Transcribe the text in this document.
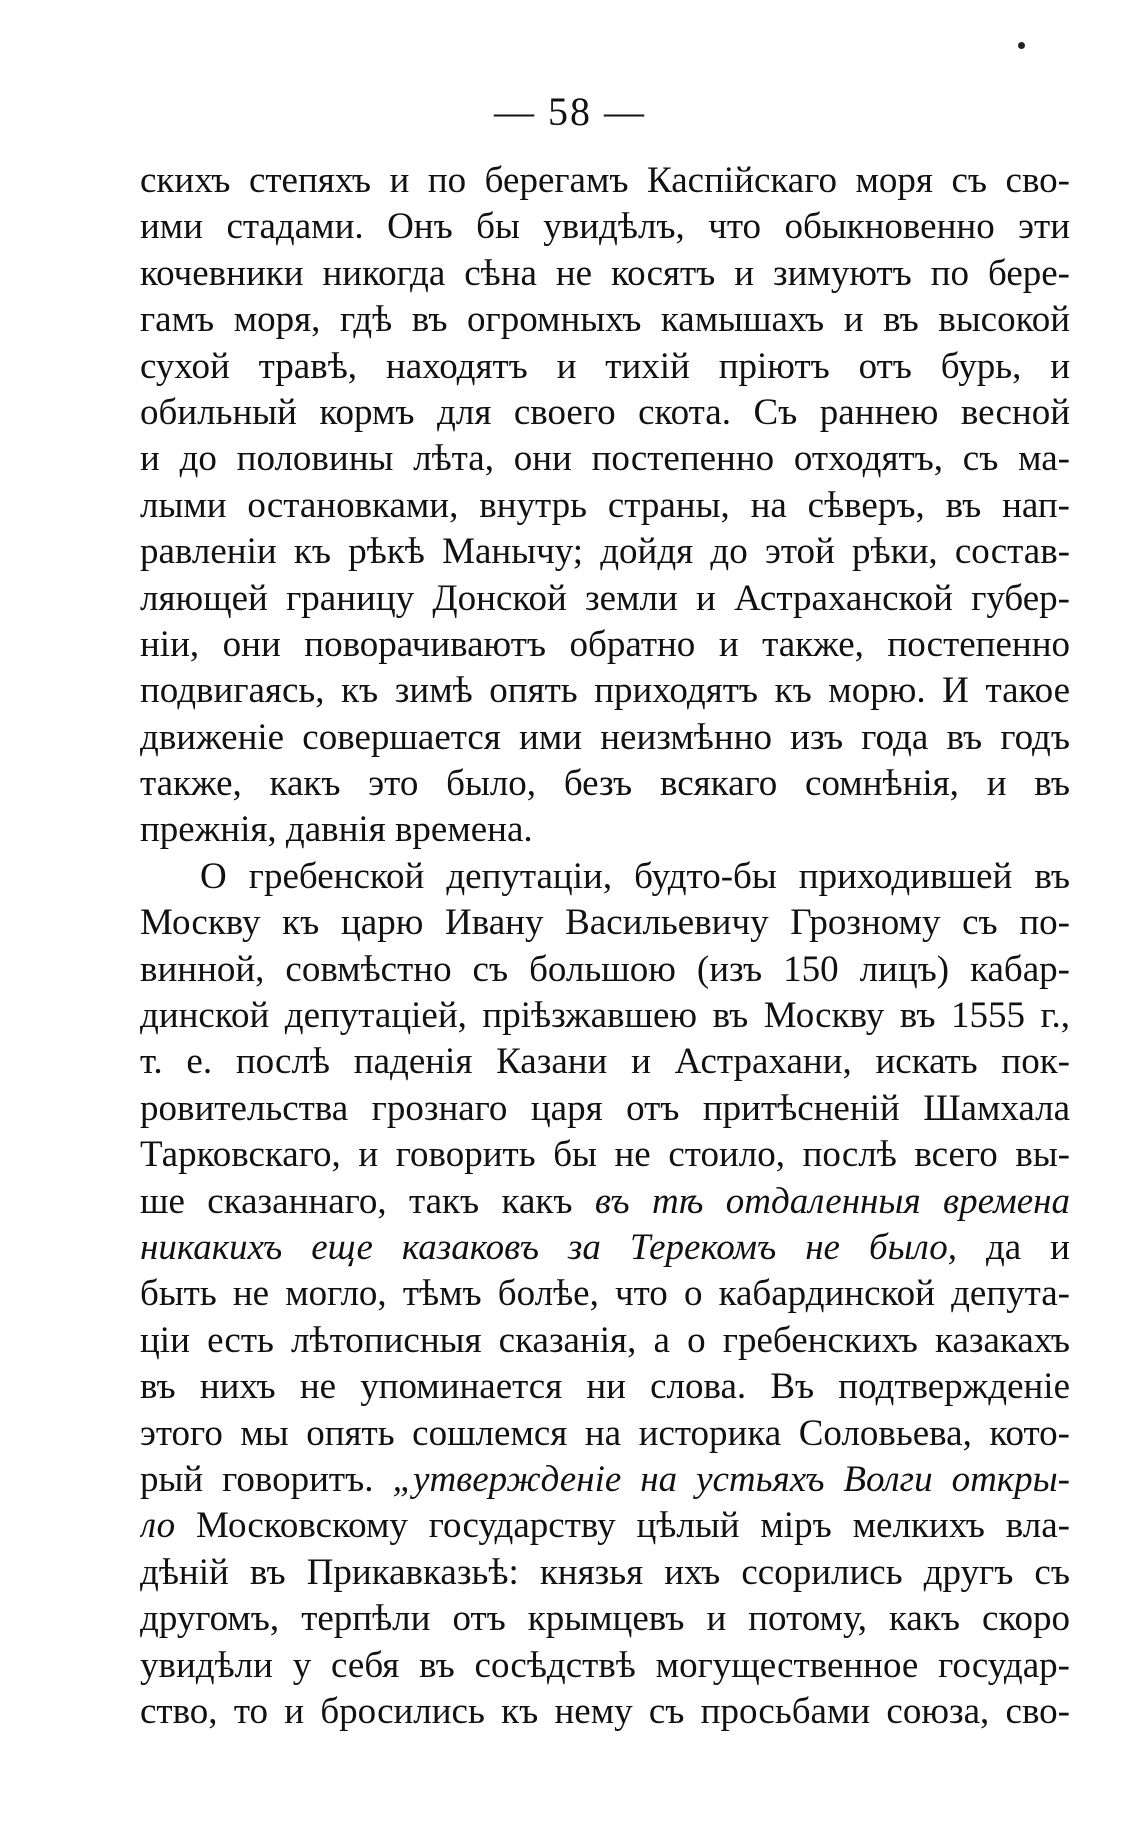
— 58 —
скихъ степяхъ и по берегамъ Каспійскаго моря съ сво-
ими стадами. Онъ бы увидѣлъ, что обыкновенно эти
кочевники никогда сѣна не косятъ и зимуютъ по бере-
гамъ моря, гдѣ въ огромныхъ камышахъ и въ высокой
сухой травѣ, находятъ и тихій пріютъ отъ бурь, и
обильный кормъ для своего скота. Съ раннею весной
и до половины лѣта, они постепенно отходятъ, съ ма-
лыми остановками, внутрь страны, на сѣверъ, въ нап-
равленіи къ рѣкѣ Манычу; дойдя до этой рѣки, состав-
ляющей границу Донской земли и Астраханской губер-
ніи, они поворачиваютъ обратно и также, постепенно
подвигаясь, къ зимѣ опять приходятъ къ морю. И такое
движеніе совершается ими неизмѣнно изъ года въ годъ
также, какъ это было, безъ всякаго сомнѣнія, и въ
прежнія, давнія времена.
О гребенской депутаціи, будто-бы приходившей въ
Москву къ царю Ивану Васильевичу Грозному съ по-
винной, совмѣстно съ большою (изъ 150 лицъ) кабар-
динской депутаціей, пріѣзжавшею въ Москву въ 1555 г.,
т. е. послѣ паденія Казани и Астрахани, искать пок-
ровительства грознаго царя отъ притѣсненій Шамхала
Тарковскаго, и говорить бы не стоило, послѣ всего вы-
ше сказаннаго, такъ какъ въ тѣ отдаленныя времена
никакихъ еще казаковъ за Терекомъ не было, да и
быть не могло, тѣмъ болѣе, что о кабардинской депута-
ціи есть лѣтописныя сказанія, а о гребенскихъ казакахъ
въ нихъ не упоминается ни слова. Въ подтвержденіе
этого мы опять сошлемся на историка Соловьева, кото-
рый говоритъ. „утвержденіе на устьяхъ Волги откры-
ло Московскому государству цѣлый міръ мелкихъ вла-
дѣній въ Прикавказьѣ: князья ихъ ссорились другъ съ
другомъ, терпѣли отъ крымцевъ и потому, какъ скоро
увидѣли у себя въ сосѣдствѣ могущественное государ-
ство, то и бросились къ нему съ просьбами союза, сво-
